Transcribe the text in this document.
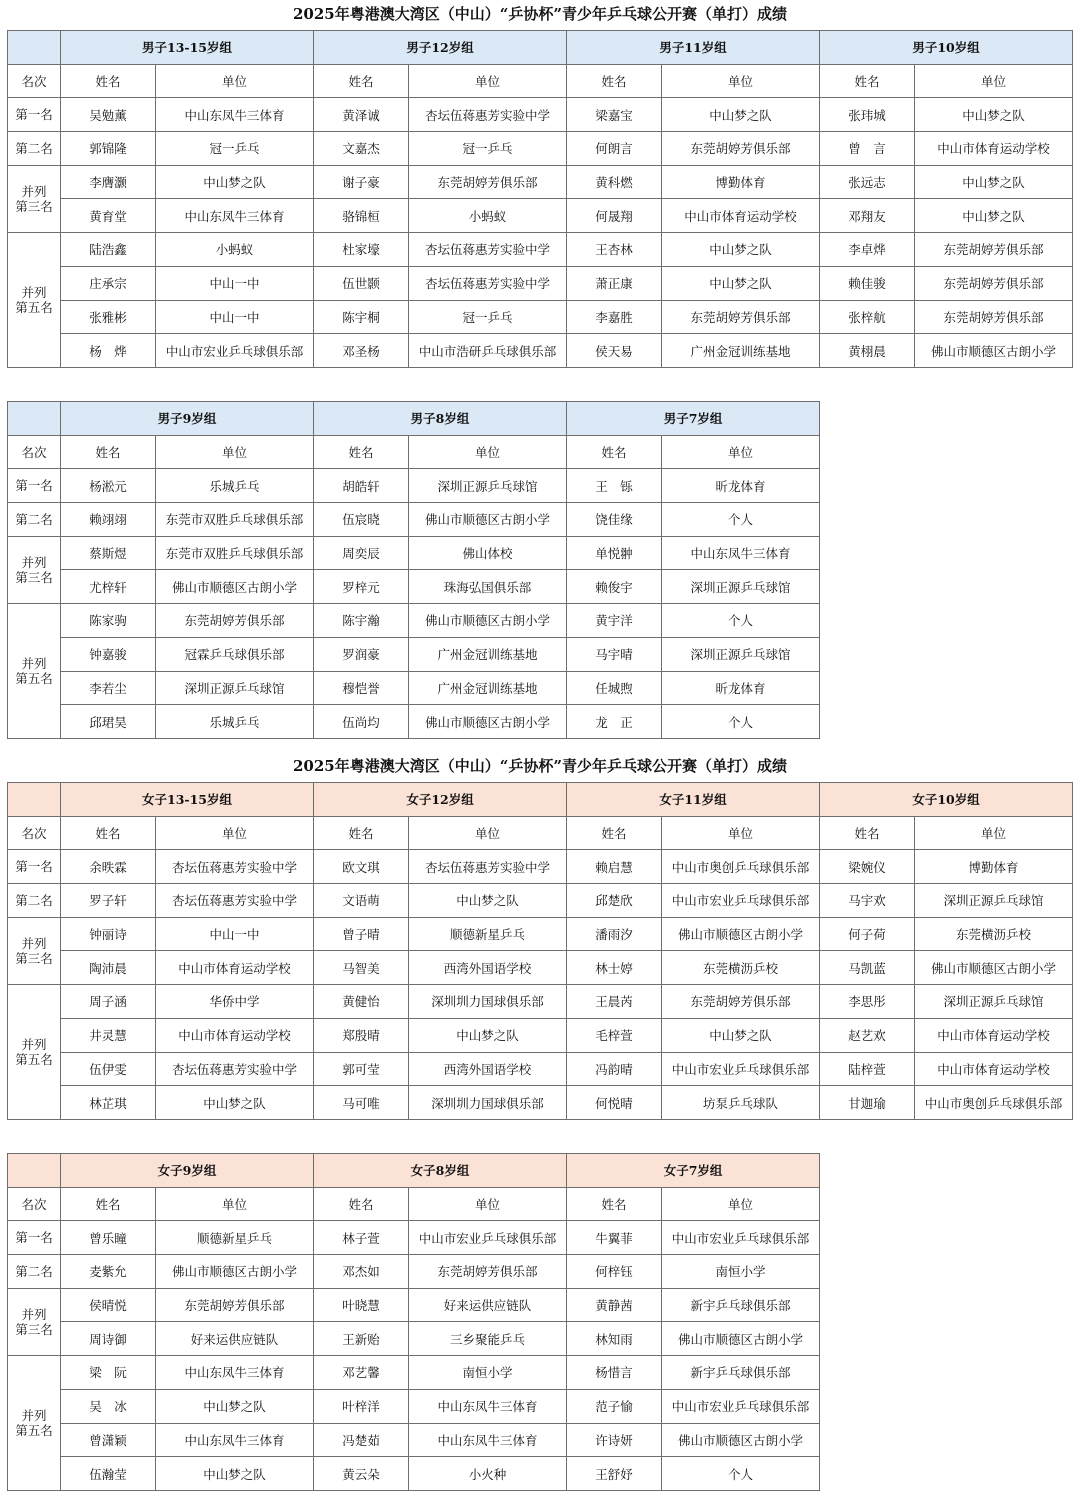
2025年粤港澳大湾区（中山）“乒协杯”青少年乒乓球公开赛（单打）成绩
2025年粤港澳大湾区（中山）“乒协杯”青少年乒乓球公开赛（单打）成绩
	男子13-15岁组		男子12岁组		男子11岁组		男子10岁组	
名次	姓名	单位	姓名	单位	姓名	单位	姓名	单位
第一名	吴勉薰	中山东凤牛三体育	黄泽诚	杏坛伍蒋惠芳实验中学	梁嘉宝	中山梦之队	张玮城	中山梦之队
第二名	郭锦隆	冠一乒乓	文嘉杰	冠一乒乓	何朗言	东莞胡婷芳俱乐部	曾　言	中山市体育运动学校
并列
第三名	李膺灏	中山梦之队	谢子豪	东莞胡婷芳俱乐部	黄科燃	博勤体育	张远志	中山梦之队
	黄育堂	中山东凤牛三体育	骆锦桓	小蚂蚁	何晟翔	中山市体育运动学校	邓翔友	中山梦之队
并列
第五名	陆浩鑫	小蚂蚁	杜家壕	杏坛伍蒋惠芳实验中学	王杏林	中山梦之队	李卓烨	东莞胡婷芳俱乐部
	庄承宗	中山一中	伍世颢	杏坛伍蒋惠芳实验中学	萧正康	中山梦之队	赖佳骏	东莞胡婷芳俱乐部
	张雅彬	中山一中	陈宇桐	冠一乒乓	李嘉胜	东莞胡婷芳俱乐部	张梓航	东莞胡婷芳俱乐部
	杨　烨	中山市宏业乒乓球俱乐部	邓圣杨	中山市浩研乒乓球俱乐部	侯天易	广州金冠训练基地	黄栩晨	佛山市顺德区古朗小学
	男子9岁组		男子8岁组		男子7岁组	
名次	姓名	单位	姓名	单位	姓名	单位
第一名	杨淞元	乐城乒乓	胡皓轩	深圳正源乒乓球馆	王　铄	昕龙体育
第二名	赖翊翊	东莞市双胜乒乓球俱乐部	伍宸晓	佛山市顺德区古朗小学	饶佳缘	个人
并列
第三名	蔡斯煜	东莞市双胜乒乓球俱乐部	周奕辰	佛山体校	单悦翀	中山东凤牛三体育
	尤梓轩	佛山市顺德区古朗小学	罗梓元	珠海弘国俱乐部	赖俊宇	深圳正源乒乓球馆
并列
第五名	陈家驹	东莞胡婷芳俱乐部	陈宇瀚	佛山市顺德区古朗小学	黄宇洋	个人
	钟嘉骏	冠霖乒乓球俱乐部	罗润豪	广州金冠训练基地	马宇晴	深圳正源乒乓球馆
	李若尘	深圳正源乒乓球馆	穆恺誉	广州金冠训练基地	任城煦	昕龙体育
	邱珺昊	乐城乒乓	伍尚均	佛山市顺德区古朗小学	龙　正	个人
	女子13-15岁组		女子12岁组		女子11岁组		女子10岁组	
名次	姓名	单位	姓名	单位	姓名	单位	姓名	单位
第一名	余昳霖	杏坛伍蒋惠芳实验中学	欧文琪	杏坛伍蒋惠芳实验中学	赖启慧	中山市奥创乒乓球俱乐部	梁婉仪	博勤体育
第二名	罗子轩	杏坛伍蒋惠芳实验中学	文语萌	中山梦之队	邱楚欣	中山市宏业乒乓球俱乐部	马宇欢	深圳正源乒乓球馆
并列
第三名	钟丽诗	中山一中	曾子晴	顺德新星乒乓	潘雨汐	佛山市顺德区古朗小学	何子荷	东莞横沥乒校
	陶沛晨	中山市体育运动学校	马智美	西湾外国语学校	林士婷	东莞横沥乒校	马凯蓝	佛山市顺德区古朗小学
并列
第五名	周子涵	华侨中学	黄健怡	深圳圳力国球俱乐部	王晨芮	东莞胡婷芳俱乐部	李思彤	深圳正源乒乓球馆
	井灵慧	中山市体育运动学校	郑殷晴	中山梦之队	毛梓萱	中山梦之队	赵艺欢	中山市体育运动学校
	伍伊雯	杏坛伍蒋惠芳实验中学	郭可莹	西湾外国语学校	冯韵晴	中山市宏业乒乓球俱乐部	陆梓萱	中山市体育运动学校
	林芷琪	中山梦之队	马可唯	深圳圳力国球俱乐部	何悦晴	坊泵乒乓球队	甘迦瑜	中山市奥创乒乓球俱乐部
	女子9岁组		女子8岁组		女子7岁组	
名次	姓名	单位	姓名	单位	姓名	单位
第一名	曾乐瞳	顺德新星乒乓	林子萱	中山市宏业乒乓球俱乐部	牛翼菲	中山市宏业乒乓球俱乐部
第二名	麦紫允	佛山市顺德区古朗小学	邓杰如	东莞胡婷芳俱乐部	何梓钰	南恒小学
并列
第三名	侯晴悦	东莞胡婷芳俱乐部	叶晓慧	好来运供应链队	黄静茜	新宇乒乓球俱乐部
	周诗御	好来运供应链队	王新贻	三乡聚能乒乓	林知雨	佛山市顺德区古朗小学
并列
第五名	梁　阮	中山东凤牛三体育	邓艺馨	南恒小学	杨惜言	新宇乒乓球俱乐部
	吴　冰	中山梦之队	叶梓洋	中山东凤牛三体育	范子愉	中山市宏业乒乓球俱乐部
	曾潇颖	中山东凤牛三体育	冯楚茹	中山东凤牛三体育	许诗妍	佛山市顺德区古朗小学
	伍瀚莹	中山梦之队	黄云朵	小火种	王舒妤	个人
